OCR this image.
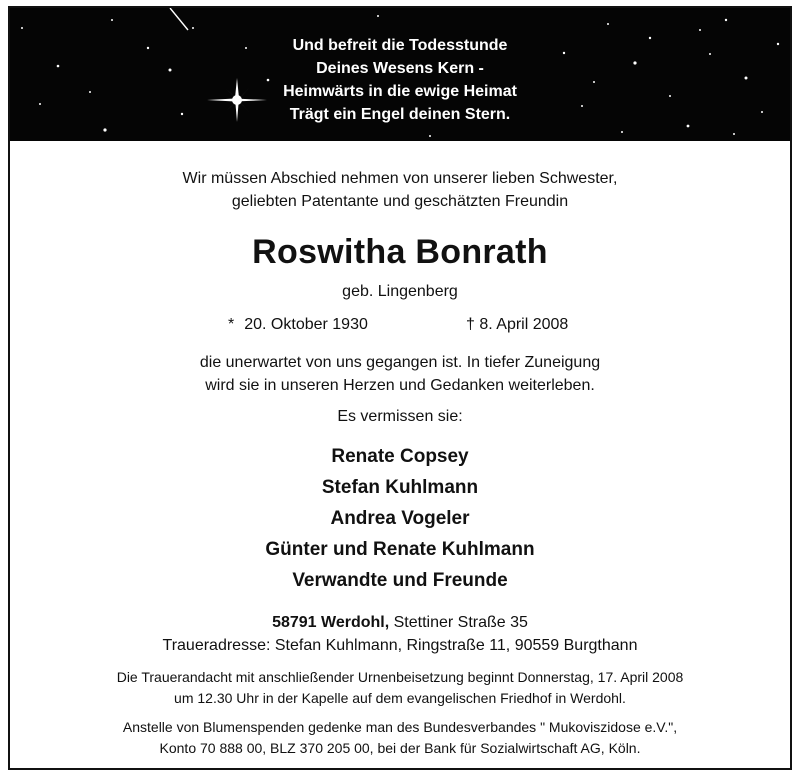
Und befreit die Todesstunde
Deines Wesens Kern -
Heimwärts in die ewige Heimat
Trägt ein Engel deinen Stern.
Wir müssen Abschied nehmen von unserer lieben Schwester,
geliebten Patentante und geschätzten Freundin
Roswitha Bonrath
geb. Lingenberg
* 20. Oktober 1930	† 8. April 2008
die unerwartet von uns gegangen ist. In tiefer Zuneigung
wird sie in unseren Herzen und Gedanken weiterleben.
Es vermissen sie:
Renate Copsey
Stefan Kuhlmann
Andrea Vogeler
Günter und Renate Kuhlmann
Verwandte und Freunde
58791 Werdohl, Stettiner Straße 35
Traueradresse: Stefan Kuhlmann, Ringstraße 11, 90559 Burgthann
Die Trauerandacht mit anschließender Urnenbeisetzung beginnt Donnerstag, 17. April 2008
um 12.30 Uhr in der Kapelle auf dem evangelischen Friedhof in Werdohl.
Anstelle von Blumenspenden gedenke man des Bundesverbandes " Mukoviszidose e.V.",
Konto 70 888 00, BLZ 370 205 00, bei der Bank für Sozialwirtschaft AG, Köln.
